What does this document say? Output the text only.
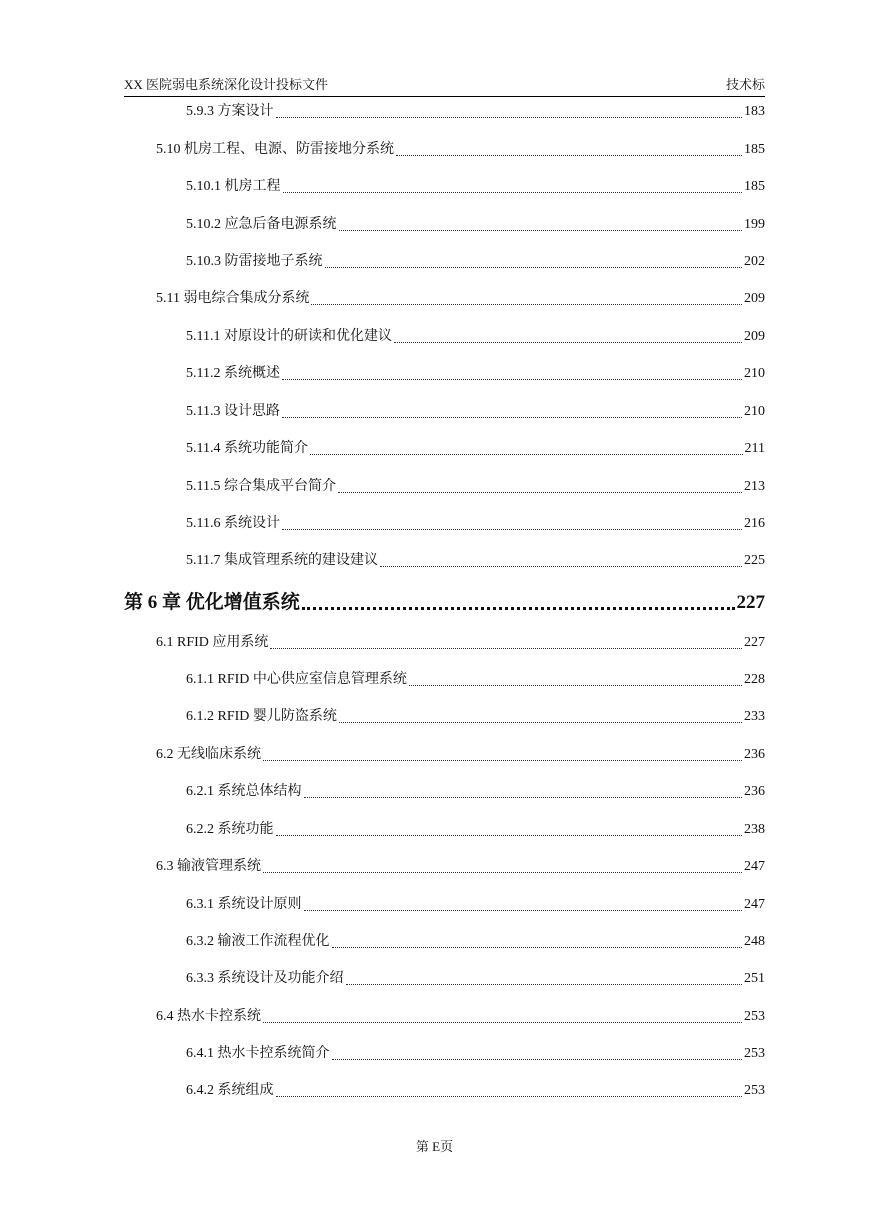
XX 医院弱电系统深化设计投标文件	技术标
5.9.3 方案设计	183
5.10 机房工程、电源、防雷接地分系统	185
5.10.1 机房工程	185
5.10.2 应急后备电源系统	199
5.10.3 防雷接地子系统	202
5.11 弱电综合集成分系统	209
5.11.1 对原设计的研读和优化建议	209
5.11.2 系统概述	210
5.11.3 设计思路	210
5.11.4 系统功能简介	211
5.11.5 综合集成平台简介	213
5.11.6 系统设计	216
5.11.7 集成管理系统的建设建议	225
第 6 章 优化增值系统	227
6.1 RFID 应用系统	227
6.1.1 RFID 中心供应室信息管理系统	228
6.1.2 RFID 婴儿防盗系统	233
6.2 无线临床系统	236
6.2.1 系统总体结构	236
6.2.2 系统功能	238
6.3 输液管理系统	247
6.3.1 系统设计原则	247
6.3.2 输液工作流程优化	248
6.3.3 系统设计及功能介绍	251
6.4 热水卡控系统	253
6.4.1 热水卡控系统简介	253
6.4.2 系统组成	253
第 E页
